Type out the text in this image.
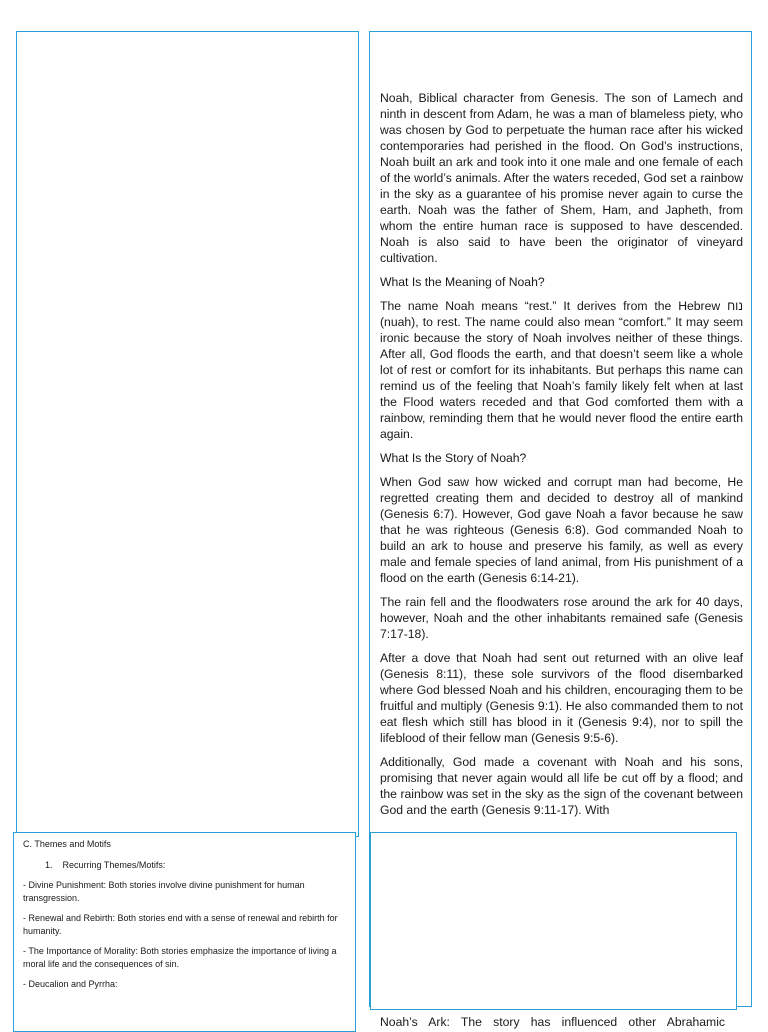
Noah, Biblical character from Genesis. The son of Lamech and ninth in descent from Adam, he was a man of blameless piety, who was chosen by God to perpetuate the human race after his wicked contemporaries had perished in the flood. On God’s instructions, Noah built an ark and took into it one male and one female of each of the world’s animals. After the waters receded, God set a rainbow in the sky as a guarantee of his promise never again to curse the earth. Noah was the father of Shem, Ham, and Japheth, from whom the entire human race is supposed to have descended. Noah is also said to have been the originator of vineyard cultivation.

What Is the Meaning of Noah?

The name Noah means “rest.” It derives from the Hebrew נוח (nuah), to rest. The name could also mean “comfort.” It may seem ironic because the story of Noah involves neither of these things. After all, God floods the earth, and that doesn’t seem like a whole lot of rest or comfort for its inhabitants. But perhaps this name can remind us of the feeling that Noah’s family likely felt when at last the Flood waters receded and that God comforted them with a rainbow, reminding them that he would never flood the entire earth again.

What Is the Story of Noah?

When God saw how wicked and corrupt man had become, He regretted creating them and decided to destroy all of mankind (Genesis 6:7). However, God gave Noah a favor because he saw that he was righteous (Genesis 6:8). God commanded Noah to build an ark to house and preserve his family, as well as every male and female species of land animal, from His punishment of a flood on the earth (Genesis 6:14-21).

The rain fell and the floodwaters rose around the ark for 40 days, however, Noah and the other inhabitants remained safe (Genesis 7:17-18).

After a dove that Noah had sent out returned with an olive leaf (Genesis 8:11), these sole survivors of the flood disembarked where God blessed Noah and his children, encouraging them to be fruitful and multiply (Genesis 9:1). He also commanded them to not eat flesh which still has blood in it (Genesis 9:4), nor to spill the lifeblood of their fellow man (Genesis 9:5-6).

Additionally, God made a covenant with Noah and his sons, promising that never again would all life be cut off by a flood; and the rainbow was set in the sky as the sign of the covenant between God and the earth (Genesis 9:11-17). With

C. Themes and Motifs

1.    Recurring Themes/Motifs:

- Divine Punishment: Both stories involve divine punishment for human transgression.

- Renewal and Rebirth: Both stories end with a sense of renewal and rebirth for humanity.

- The Importance of Morality: Both stories emphasize the importance of living a moral life and the consequences of sin.

- Deucalion and Pyrrha:

Noah’s Ark: The story has influenced other Abrahamic
